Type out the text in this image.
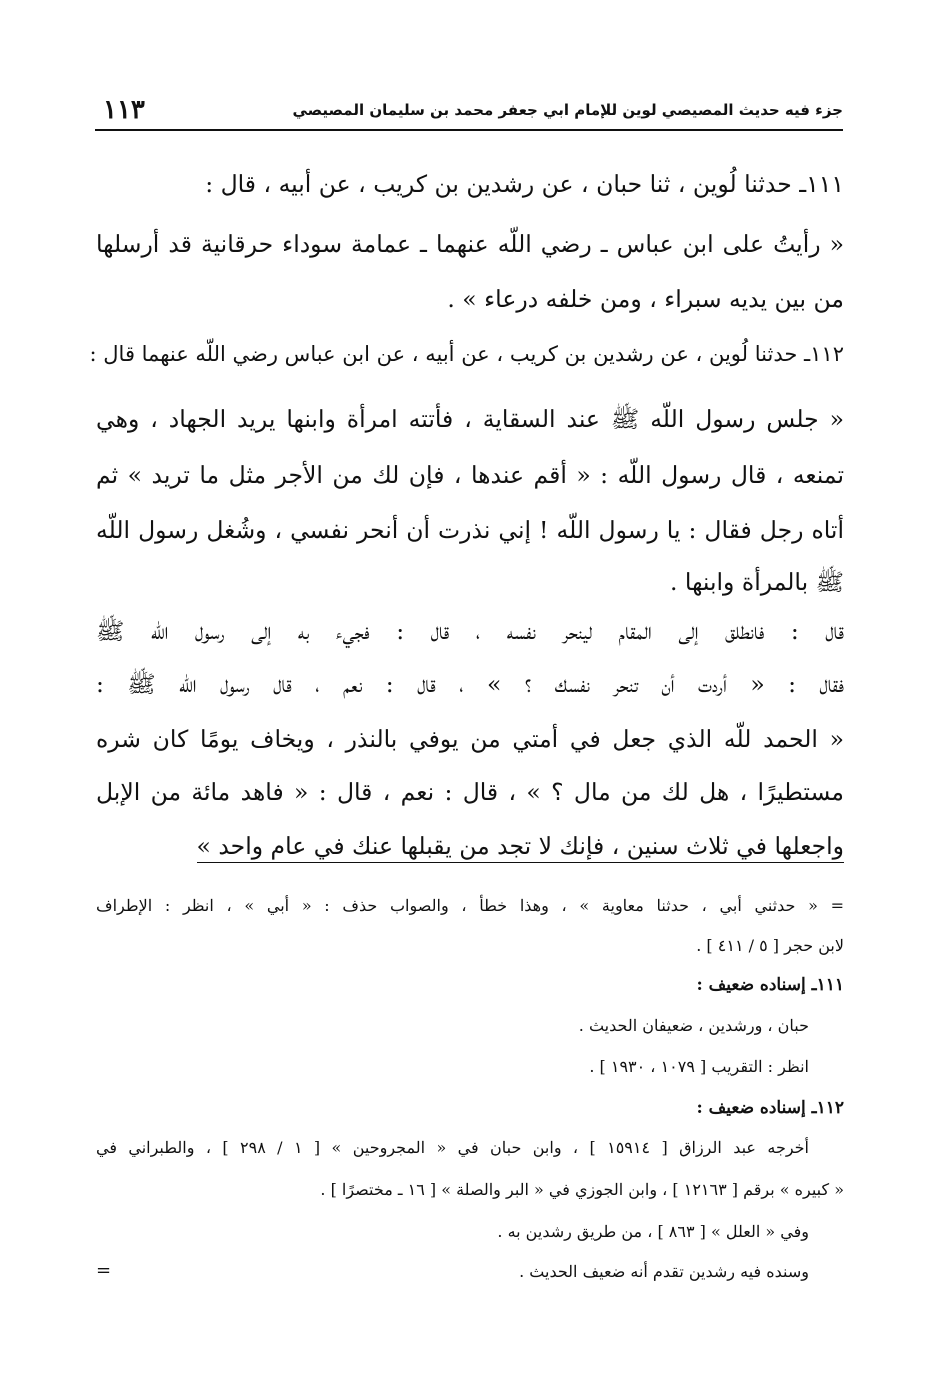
جزء فيه حديث المصيصي لوين للإمام ابي جعفر محمد بن سليمان المصيصي
١١٣
١١١ـ حدثنا لُوين ، ثنا حبان ، عن رشدين بن كريب ، عن أبيه ، قال :
« رأيتُ على ابن عباس ـ رضي اللّه عنهما ـ عمامة سوداء حرقانية قد أرسلها
من بين يديه سبراء ، ومن خلفه درعاء » .
١١٢ـ حدثنا لُوين ، عن رشدين بن كريب ، عن أبيه ، عن ابن عباس رضي اللّه عنهما قال :
« جلس رسول اللّه ﷺ عند السقاية ، فأتته امرأة وابنها يريد الجهاد ، وهي
تمنعه ، قال رسول اللّه : « أقم عندها ، فإن لك من الأجر مثل ما تريد » ثم
أتاه رجل فقال : يا رسول اللّه ! إني نذرت أن أنحر نفسي ، وشُغل رسول اللّه
ﷺ بالمرأة وابنها .
قال : فانطلق إلى المقام لينحر نفسه ، قال : فجيء به إلى رسول اللّه ﷺ
فقال : « أردت أن تنحر نفسك ؟ » ، قال : نعم ، قال رسول اللّه ﷺ :
« الحمد للّه الذي جعل في أمتي من يوفي بالنذر ، ويخاف يومًا كان شره
مستطيرًا ، هل لك من مال ؟ » ، قال : نعم ، قال : « فاهد مائة من الإبل
واجعلها في ثلاث سنين ، فإنك لا تجد من يقبلها عنك في عام واحد »
= « حدثني أبي ، حدثنا معاوية » ، وهذا خطأ ، والصواب حذف : « أبي » ، انظر : الإطراف
لابن حجر [ ٥ / ٤١١ ] .
١١١ـ إسناده ضعيف :
حبان ، ورشدين ، ضعيفان الحديث .
انظر : التقريب [ ١٠٧٩ ، ١٩٣٠ ] .
١١٢ـ إسناده ضعيف :
أخرجه عبد الرزاق [ ١٥٩١٤ ] ، وابن حبان في « المجروحين » [ ١ / ٢٩٨ ] ، والطبراني في
« كبيره » برقم [ ١٢١٦٣ ] ، وابن الجوزي في « البر والصلة » [ ١٦ ـ مختصرًا ] .
وفي « العلل » [ ٨٦٣ ] ، من طريق رشدين به .
وسنده فيه رشدين تقدم أنه ضعيف الحديث .
=
